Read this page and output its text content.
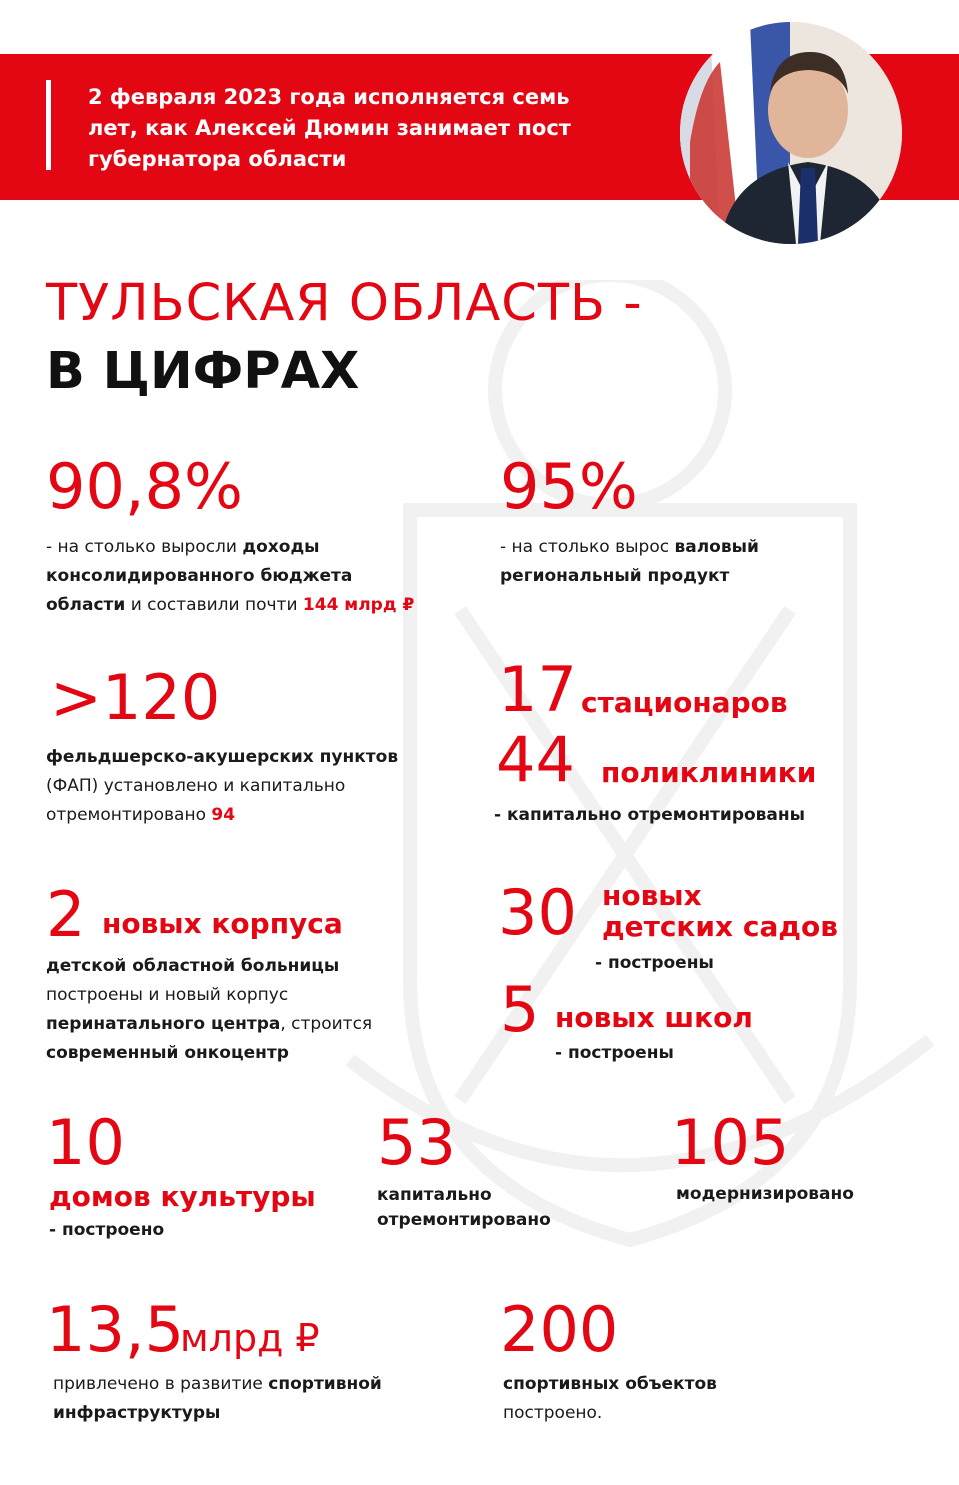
2 февраля 2023 года исполняется семь
лет, как Алексей Дюмин занимает пост
губернатора области
ТУЛЬСКАЯ ОБЛАСТЬ -
В ЦИФРАХ
90,8%
- на столько выросли доходы
консолидированного бюджета
области и составили почти 144 млрд ₽
95%
- на столько вырос валовый
региональный продукт
>120
фельдшерско-акушерских пунктов
(ФАП) установлено и капитально
отремонтировано 94
17 стационаров
44 поликлиники
- капитально отремонтированы
2 новых корпуса
детской областной больницы
построены и новый корпус
перинатального центра, строится
современный онкоцентр
30 новых
детских садов
- построены
5 новых школ
- построены
10
домов культуры
- построено
53
капитально
отремонтировано
105
модернизировано
13,5
млрд ₽
привлечено в развитие спортивной
инфраструктуры
200
спортивных объектов
построено.
